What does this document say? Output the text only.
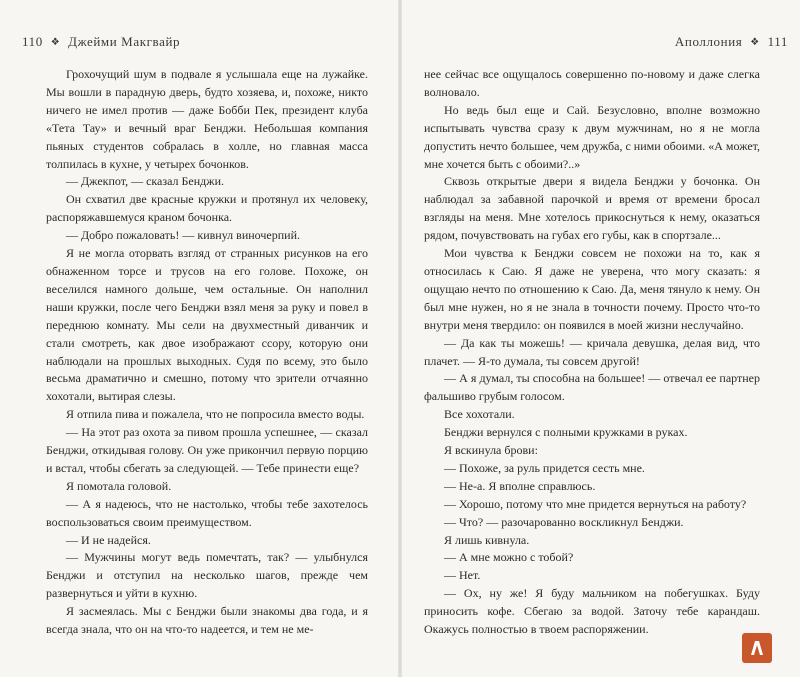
110 ❖ Джейми Макгвайр

Грохочущий шум в подвале я услышала еще на лужайке. Мы вошли в парадную дверь, будто хозяева, и, похоже, никто ничего не имел против — даже Бобби Пек, президент клуба «Тета Тау» и вечный враг Бенджи. Небольшая компания пьяных студентов собралась в холле, но главная масса толпилась в кухне, у четырех бочонков.

— Джекпот, — сказал Бенджи.

Он схватил две красные кружки и протянул их человеку, распоряжавшемуся краном бочонка.

— Добро пожаловать! — кивнул виночерпий.

Я не могла оторвать взгляд от странных рисунков на его обнаженном торсе и трусов на его голове. Похоже, он веселился намного дольше, чем остальные. Он наполнил наши кружки, после чего Бенджи взял меня за руку и повел в переднюю комнату. Мы сели на двухместный диванчик и стали смотреть, как двое изображают ссору, которую они наблюдали на прошлых выходных. Судя по всему, это было весьма драматично и смешно, потому что зрители отчаянно хохотали, вытирая слезы.

Я отпила пива и пожалела, что не попросила вместо воды.

— На этот раз охота за пивом прошла успешнее, — сказал Бенджи, откидывая голову. Он уже прикончил первую порцию и встал, чтобы сбегать за следующей. — Тебе принести еще?

Я помотала головой.

— А я надеюсь, что не настолько, чтобы тебе захотелось воспользоваться своим преимуществом.

— И не надейся.

— Мужчины могут ведь помечтать, так? — улыбнулся Бенджи и отступил на несколько шагов, прежде чем развернуться и уйти в кухню.

Я засмеялась. Мы с Бенджи были знакомы два года, и я всегда знала, что он на что-то надеется, и тем не ме-

Аполлония ❖ 111

нее сейчас все ощущалось совершенно по-новому и даже слегка волновало.

Но ведь был еще и Сай. Безусловно, вполне возможно испытывать чувства сразу к двум мужчинам, но я не могла допустить нечто большее, чем дружба, с ними обоими. «А может, мне хочется быть с обоими?..»

Сквозь открытые двери я видела Бенджи у бочонка. Он наблюдал за забавной парочкой и время от времени бросал взгляды на меня. Мне хотелось прикоснуться к нему, оказаться рядом, почувствовать на губах его губы, как в спортзале...

Мои чувства к Бенджи совсем не похожи на то, как я относилась к Саю. Я даже не уверена, что могу сказать: я ощущаю нечто по отношению к Саю. Да, меня тянуло к нему. Он был мне нужен, но я не знала в точности почему. Просто что-то внутри меня твердило: он появился в моей жизни неслучайно.

— Да как ты можешь! — кричала девушка, делая вид, что плачет. — Я-то думала, ты совсем другой!

— А я думал, ты способна на большее! — отвечал ее партнер фальшиво грубым голосом.

Все хохотали.

Бенджи вернулся с полными кружками в руках.

Я вскинула брови:

— Похоже, за руль придется сесть мне.

— Не-а. Я вполне справлюсь.

— Хорошо, потому что мне придется вернуться на работу?

— Что? — разочарованно воскликнул Бенджи.

Я лишь кивнула.

— А мне можно с тобой?

— Нет.

— Ох, ну же! Я буду мальчиком на побегушках. Буду приносить кофе. Сбегаю за водой. Заточу тебе карандаш. Окажусь полностью в твоем распоряжении.
